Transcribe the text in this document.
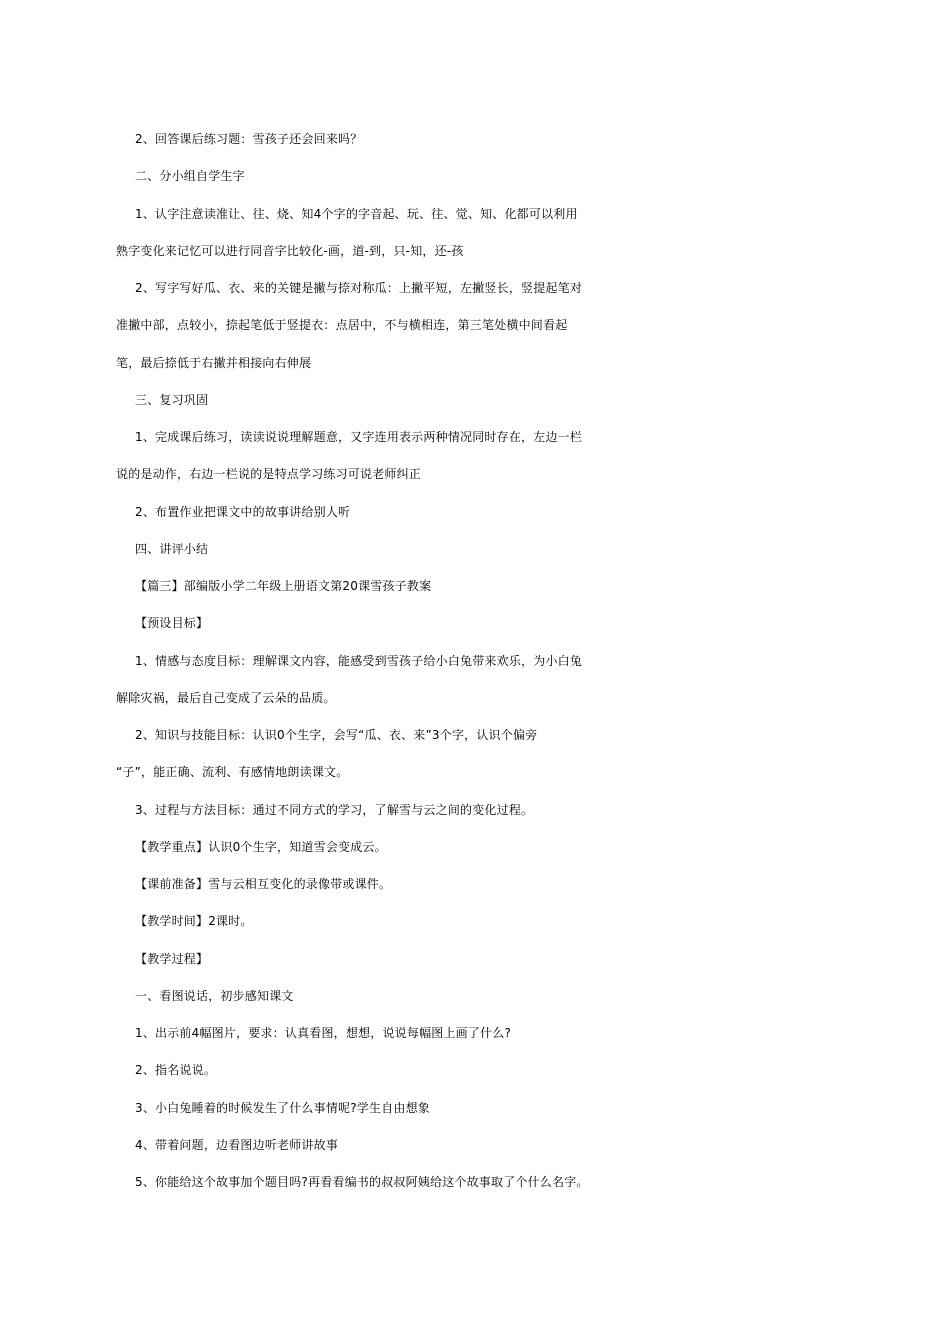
2、回答课后练习题：雪孩子还会回来吗？
二、分小组自学生字
1、认字注意读准让、往、烧、知4个字的字音起、玩、往、觉、知、化都可以利用
熟字变化来记忆可以进行同音字比较化-画，道-到，只-知，还-孩
2、写字写好瓜、衣、来的关键是撇与捺对称瓜：上撇平短，左撇竖长，竖提起笔对
准撇中部，点较小，捺起笔低于竖提衣：点居中，不与横相连，第三笔处横中间看起
笔，最后捺低于右撇并相接向右伸展
三、复习巩固
1、完成课后练习，读读说说理解题意，又字连用表示两种情况同时存在，左边一栏
说的是动作，右边一栏说的是特点学习练习可说老师纠正
2、布置作业把课文中的故事讲给别人听
四、讲评小结
【篇三】部编版小学二年级上册语文第20课雪孩子教案
【预设目标】
1、情感与态度目标：理解课文内容，能感受到雪孩子给小白兔带来欢乐，为小白兔
解除灾祸，最后自己变成了云朵的品质。
2、知识与技能目标：认识0个生字，会写“瓜、衣、来”3个字，认识个偏旁
“子”，能正确、流利、有感情地朗读课文。
3、过程与方法目标：通过不同方式的学习，了解雪与云之间的变化过程。
【教学重点】认识0个生字，知道雪会变成云。
【课前准备】雪与云相互变化的录像带或课件。
【教学时间】2课时。
【教学过程】
一、看图说话，初步感知课文
1、出示前4幅图片，要求：认真看图，想想，说说每幅图上画了什么?
2、指名说说。
3、小白兔睡着的时候发生了什么事情呢?学生自由想象
4、带着问题，边看图边听老师讲故事
5、你能给这个故事加个题目吗?再看看编书的叔叔阿姨给这个故事取了个什么名字。
